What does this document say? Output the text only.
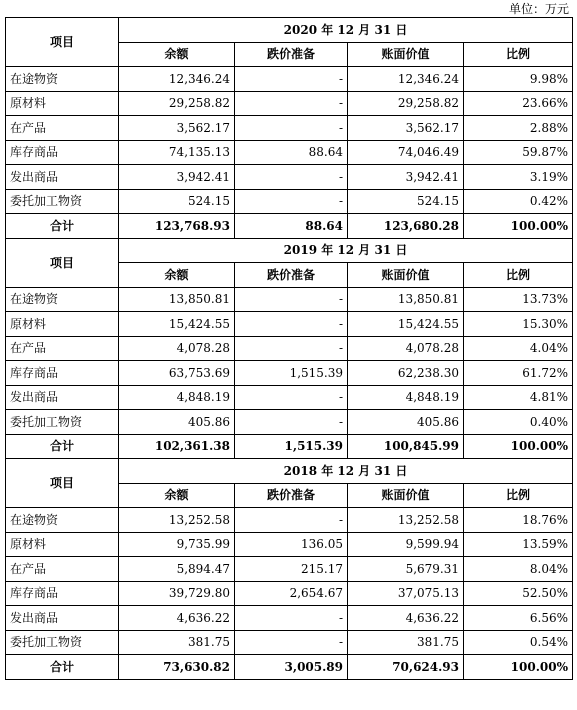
单位：万元
项目	2020 年 12 月 31 日			
	余额	跌价准备	账面价值	比例
在途物资	12,346.24	-	12,346.24	9.98%
原材料	29,258.82	-	29,258.82	23.66%
在产品	3,562.17	-	3,562.17	2.88%
库存商品	74,135.13	88.64	74,046.49	59.87%
发出商品	3,942.41	-	3,942.41	3.19%
委托加工物资	524.15	-	524.15	0.42%
合计	123,768.93	88.64	123,680.28	100.00%
项目	2019 年 12 月 31 日			
	余额	跌价准备	账面价值	比例
在途物资	13,850.81	-	13,850.81	13.73%
原材料	15,424.55	-	15,424.55	15.30%
在产品	4,078.28	-	4,078.28	4.04%
库存商品	63,753.69	1,515.39	62,238.30	61.72%
发出商品	4,848.19	-	4,848.19	4.81%
委托加工物资	405.86	-	405.86	0.40%
合计	102,361.38	1,515.39	100,845.99	100.00%
项目	2018 年 12 月 31 日			
	余额	跌价准备	账面价值	比例
在途物资	13,252.58	-	13,252.58	18.76%
原材料	9,735.99	136.05	9,599.94	13.59%
在产品	5,894.47	215.17	5,679.31	8.04%
库存商品	39,729.80	2,654.67	37,075.13	52.50%
发出商品	4,636.22	-	4,636.22	6.56%
委托加工物资	381.75	-	381.75	0.54%
合计	73,630.82	3,005.89	70,624.93	100.00%
